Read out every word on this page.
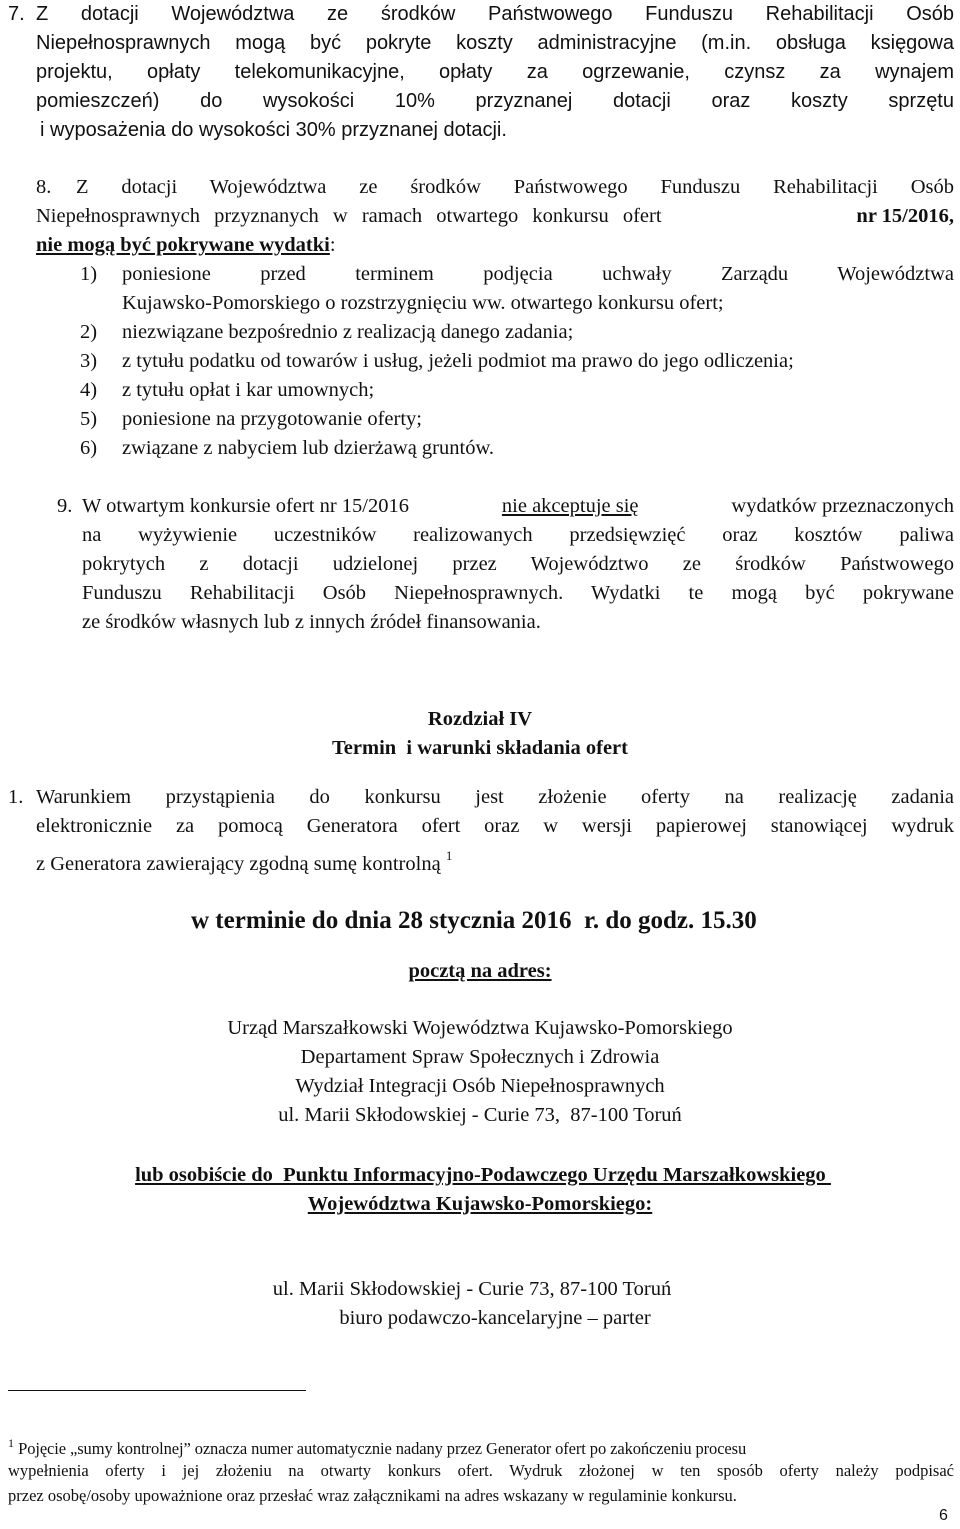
7. Z dotacji Województwa ze środków Państwowego Funduszu Rehabilitacji Osób
Niepełnosprawnych mogą być pokryte koszty administracyjne (m.in. obsługa księgowa
projektu, opłaty telekomunikacyjne, opłaty za ogrzewanie, czynsz za wynajem
pomieszczeń) do wysokości 10% przyznanej dotacji oraz koszty sprzętu
i wyposażenia do wysokości 30% przyznanej dotacji.
8. Z dotacji Województwa ze środków Państwowego Funduszu Rehabilitacji Osób
Niepełnosprawnych przyznanych w ramach otwartego konkursu ofert	nr 15/2016,
nie mogą być pokrywane wydatki:
1) poniesione przed terminem podjęcia uchwały Zarządu Województwa
Kujawsko-Pomorskiego o rozstrzygnięciu ww. otwartego konkursu ofert;
2) niezwiązane bezpośrednio z realizacją danego zadania;
3) z tytułu podatku od towarów i usług, jeżeli podmiot ma prawo do jego odliczenia;
4) z tytułu opłat i kar umownych;
5) poniesione na przygotowanie oferty;
6) związane z nabyciem lub dzierżawą gruntów.
9. W otwartym konkursie ofert nr 15/2016	nie akceptuje się	wydatków przeznaczonych
na wyżywienie uczestników realizowanych przedsięwzięć oraz kosztów paliwa
pokrytych z dotacji udzielonej przez Województwo ze środków Państwowego
Funduszu Rehabilitacji Osób Niepełnosprawnych. Wydatki te mogą być pokrywane
ze środków własnych lub z innych źródeł finansowania.
Rozdział IV
Termin  i warunki składania ofert
1. Warunkiem przystąpienia do konkursu jest złożenie oferty na realizację zadania
elektronicznie za pomocą Generatora ofert oraz w wersji papierowej stanowiącej wydruk
z Generatora zawierający zgodną sumę kontrolną $^1$
w terminie do dnia 28 stycznia 2016  r. do godz. 15.30
pocztą na adres:
Urząd Marszałkowski Województwa Kujawsko-Pomorskiego
Departament Spraw Społecznych i Zdrowia
Wydział Integracji Osób Niepełnosprawnych
ul. Marii Skłodowskiej - Curie 73,  87-100 Toruń
lub osobiście do  Punktu Informacyjno-Podawczego Urzędu Marszałkowskiego
Województwa Kujawsko-Pomorskiego:
ul. Marii Skłodowskiej - Curie 73, 87-100 Toruń
biuro podawczo-kancelaryjne – parter
$^1$ Pojęcie „sumy kontrolnej” oznacza numer automatycznie nadany przez Generator ofert po zakończeniu procesu
wypełnienia oferty i jej złożeniu na otwarty konkurs ofert. Wydruk złożonej w ten sposób oferty należy podpisać
przez osobę/osoby upoważnione oraz przesłać wraz załącznikami na adres wskazany w regulaminie konkursu.
6
